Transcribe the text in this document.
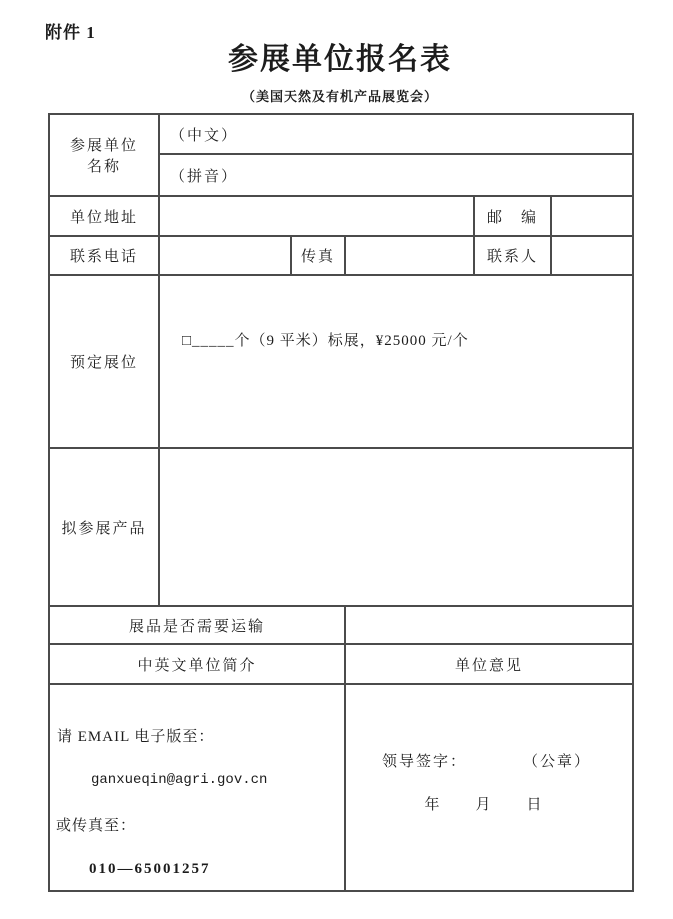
附件 1
参展单位报名表
（美国天然及有机产品展览会）
参展单位
名称	（中文）				
	（拼音）				
单位地址				邮　编	
联系电话		传真		联系人	
预定展位	□_____个（9 平米）标展，¥25000 元/个				
拟参展产品					
展品是否需要运输					
中英文单位简介			单位意见		

请 EMAIL 电子版至：
ganxueqin@agri.gov.cn
或传真至：
010—65001257

领导签字：	（公章）
年　　月　　日
